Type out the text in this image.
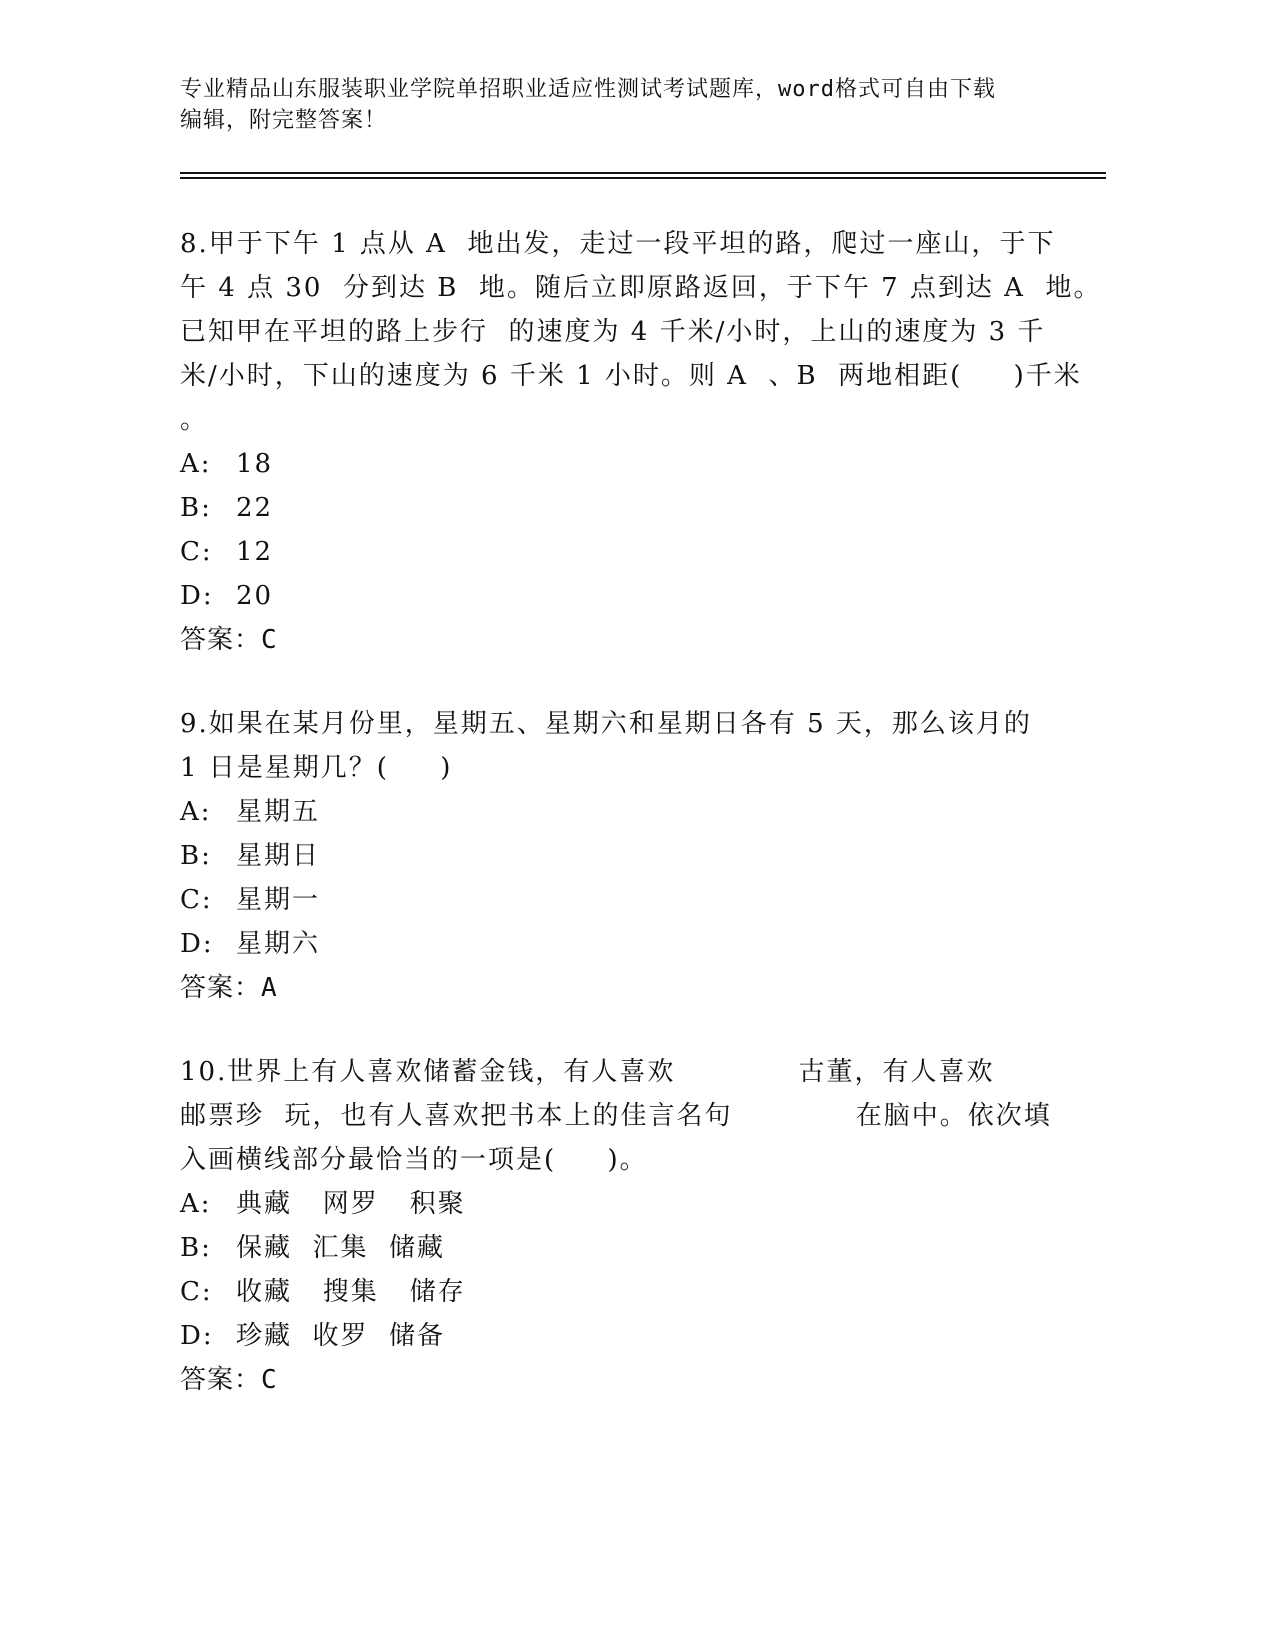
专业精品山东服装职业学院单招职业适应性测试考试题库，word格式可自由下载
编辑，附完整答案！
8.甲于下午 1 点从 A  地出发，走过一段平坦的路，爬过一座山，于下
午 4 点 30  分到达 B  地。随后立即原路返回，于下午 7 点到达 A  地。
已知甲在平坦的路上步行  的速度为 4 千米/小时，上山的速度为 3 千
米/小时，下山的速度为 6 千米 1 小时。则 A  、B  两地相距(     )千米
。
A: 18
B: 22
C: 12
D: 20
答案：C
9.如果在某月份里，星期五、星期六和星期日各有 5 天，那么该月的
1 日是星期几？(     )
A: 星期五
B: 星期日
C: 星期一
D: 星期六
答案：A
10.世界上有人喜欢储蓄金钱，有人喜欢            古董，有人喜欢
邮票珍  玩，也有人喜欢把书本上的佳言名句            在脑中。依次填
入画横线部分最恰当的一项是(     )。
A: 典藏   网罗   积聚
B: 保藏  汇集  储藏
C: 收藏   搜集   储存
D: 珍藏  收罗  储备
答案：C
